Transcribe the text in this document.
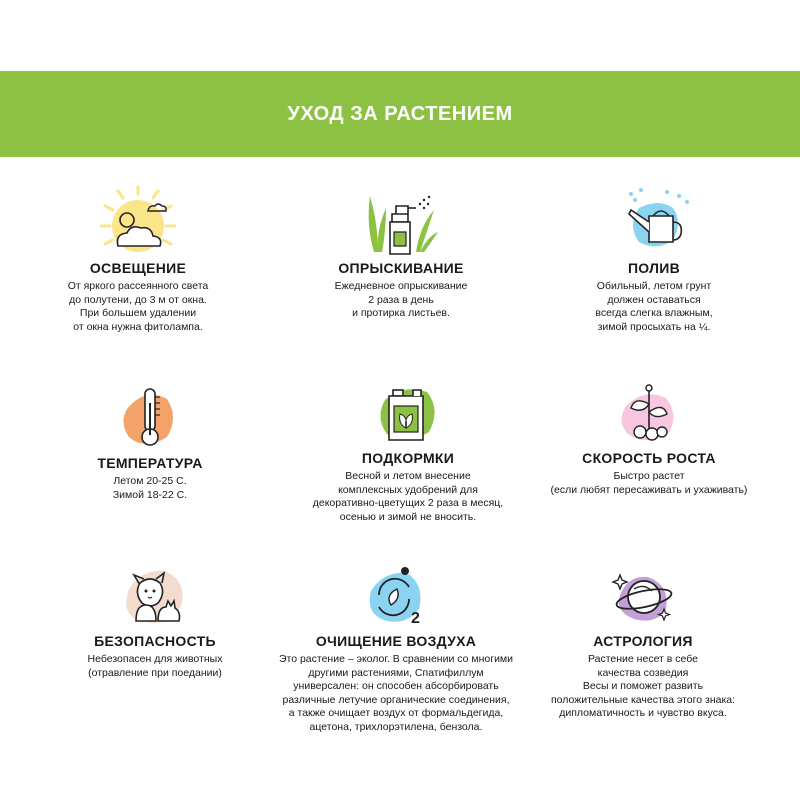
УХОД ЗА РАСТЕНИЕМ
ОСВЕЩЕНИЕ
От яркого рассеянного света
до полутени, до 3 м от окна.
При большем удалении
от окна нужна фитолампа.
ОПРЫСКИВАНИЕ
Ежедневное опрыскивание
2 раза в день
и протирка листьев.
ПОЛИВ
Обильный, летом грунт
должен оставаться
всегда слегка влажным,
зимой просыхать на ¼.
ТЕМПЕРАТУРА
Летом 20-25 С.
Зимой 18-22 С.
ПОДКОРМКИ
Весной и летом внесение
комплексных удобрений для
декоративно-цветущих 2 раза в месяц,
осенью и зимой не вносить.
СКОРОСТЬ РОСТА
Быстро растет
(если любят пересаживать и ухаживать)
БЕЗОПАСНОСТЬ
Небезопасен для животных
(отравление при поедании)
2
ОЧИЩЕНИЕ ВОЗДУХА
Это растение – эколог. В сравнении со многими
другими растениями, Спатифиллум
универсален: он способен абсорбировать
различные летучие органические соединения,
а также очищает воздух от формальдегида,
ацетона, трихлорэтилена, бензола.
АСТРОЛОГИЯ
Растение несет в себе
качества созведия
Весы и поможет развить
положительные качества этого знака:
дипломатичность и чувство вкуса.
